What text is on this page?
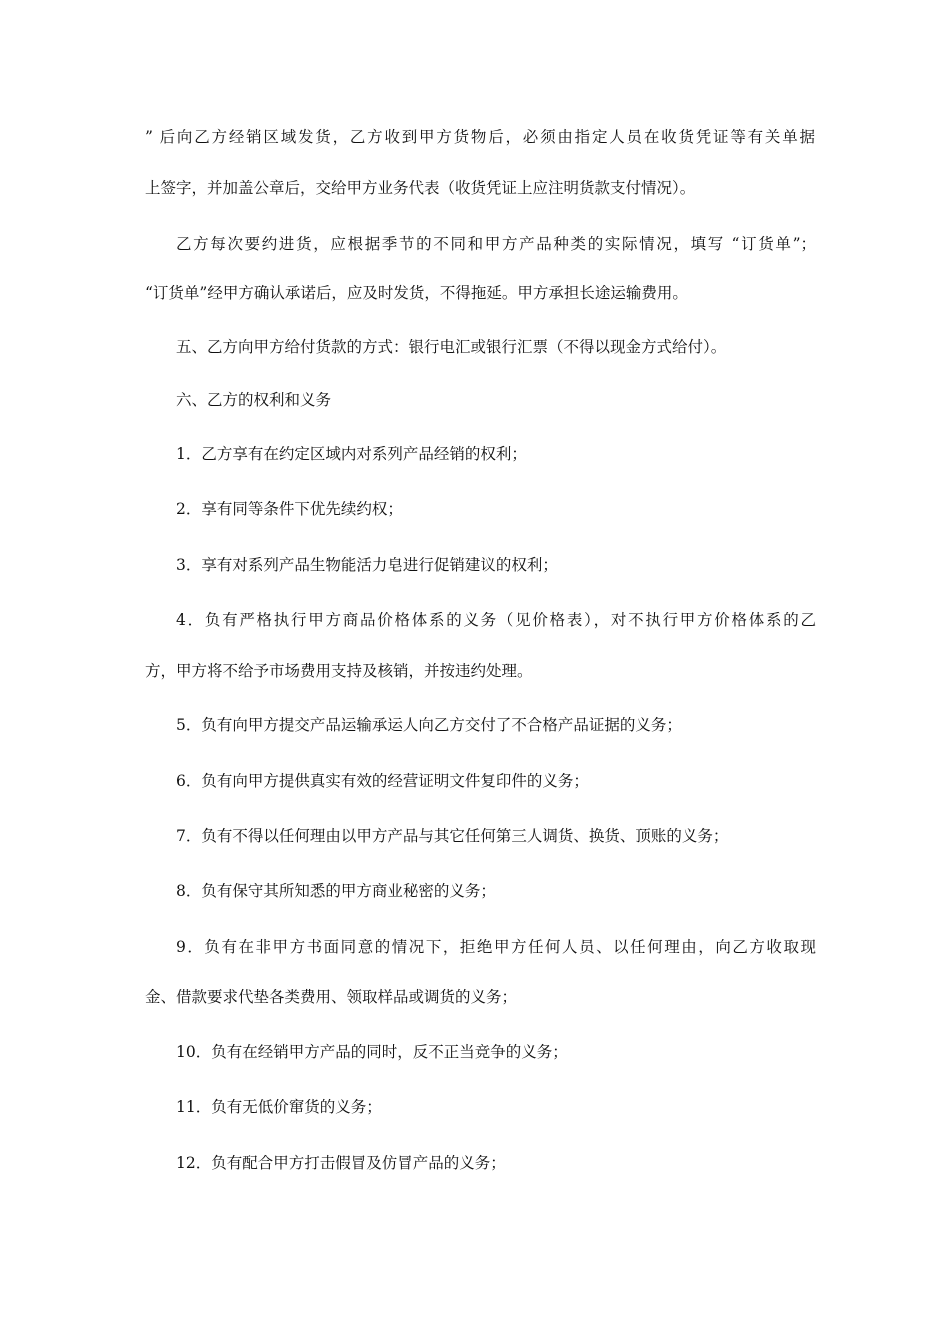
” 后向乙方经销区域发货，乙方收到甲方货物后，必须由指定人员在收货凭证等有关单据
上签字，并加盖公章后，交给甲方业务代表（收货凭证上应注明货款支付情况）。
乙方每次要约进货，应根据季节的不同和甲方产品种类的实际情况，填写 “订货单”；
“订货单”经甲方确认承诺后，应及时发货，不得拖延。甲方承担长途运输费用。
五、乙方向甲方给付货款的方式：银行电汇或银行汇票（不得以现金方式给付）。
六、乙方的权利和义务
1．乙方享有在约定区域内对系列产品经销的权利；
2．享有同等条件下优先续约权；
3．享有对系列产品生物能活力皂进行促销建议的权利；
4．负有严格执行甲方商品价格体系的义务（见价格表），对不执行甲方价格体系的乙
方，甲方将不给予市场费用支持及核销，并按违约处理。
5．负有向甲方提交产品运输承运人向乙方交付了不合格产品证据的义务；
6．负有向甲方提供真实有效的经营证明文件复印件的义务；
7．负有不得以任何理由以甲方产品与其它任何第三人调货、换货、顶账的义务；
8．负有保守其所知悉的甲方商业秘密的义务；
9．负有在非甲方书面同意的情况下，拒绝甲方任何人员、以任何理由，向乙方收取现
金、借款要求代垫各类费用、领取样品或调货的义务；
10．负有在经销甲方产品的同时，反不正当竞争的义务；
11．负有无低价窜货的义务；
12．负有配合甲方打击假冒及仿冒产品的义务；
